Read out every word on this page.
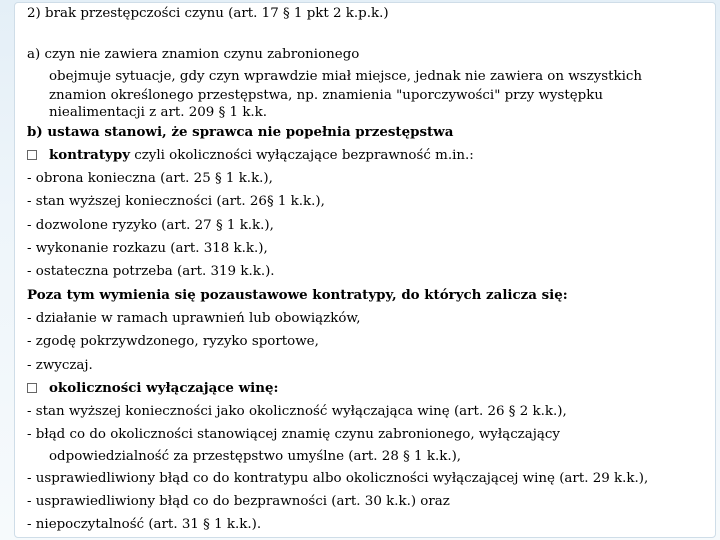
2) brak przestępczości czynu (art. 17 § 1 pkt 2 k.p.k.)
a) czyn nie zawiera znamion czynu zabronionego
obejmuje sytuacje, gdy czyn wprawdzie miał miejsce, jednak nie zawiera on wszystkich
znamion określonego przestępstwa, np. znamienia "uporczywości" przy występku
niealimentacji z art. 209 § 1 k.k.
b) ustawa stanowi, że sprawca nie popełnia przestępstwa
kontratypy czyli okoliczności wyłączające bezprawność m.in.:
- obrona konieczna (art. 25 § 1 k.k.),
- stan wyższej konieczności (art. 26§ 1 k.k.),
- dozwolone ryzyko (art. 27 § 1 k.k.),
- wykonanie rozkazu (art. 318 k.k.),
- ostateczna potrzeba (art. 319 k.k.).
Poza tym wymienia się pozaustawowe kontratypy, do których zalicza się:
- działanie w ramach uprawnień lub obowiązków,
- zgodę pokrzywdzonego, ryzyko sportowe,
- zwyczaj.
okoliczności wyłączające winę:
- stan wyższej konieczności jako okoliczność wyłączająca winę (art. 26 § 2 k.k.),
- błąd co do okoliczności stanowiącej znamię czynu zabronionego, wyłączający
odpowiedzialność za przestępstwo umyślne (art. 28 § 1 k.k.),
- usprawiedliwiony błąd co do kontratypu albo okoliczności wyłączającej winę (art. 29 k.k.),
- usprawiedliwiony błąd co do bezprawności (art. 30 k.k.) oraz
- niepoczytalność (art. 31 § 1 k.k.).
